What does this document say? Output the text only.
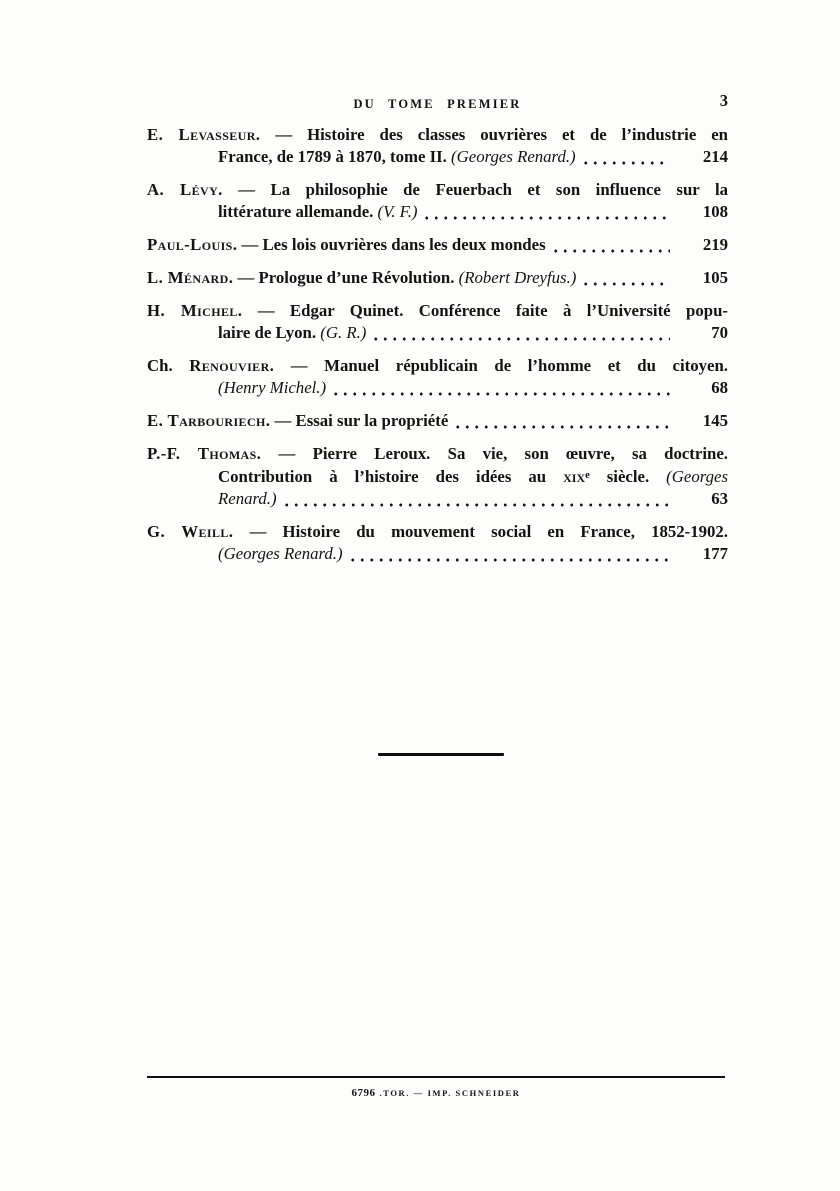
DU TOME PREMIER	3
E. Levasseur. — Histoire des classes ouvrières et de l’industrie en
France, de 1789 à 1870, tome II. (Georges Renard.)	214
A. Lévy. — La philosophie de Feuerbach et son influence sur la
littérature allemande. (V. F.)	108
Paul-Louis. — Les lois ouvrières dans les deux mondes	219
L. Ménard. — Prologue d’une Révolution. (Robert Dreyfus.)	105
H. Michel. — Edgar Quinet. Conférence faite à l’Université popu-
laire de Lyon. (G. R.)	70
Ch. Renouvier. — Manuel républicain de l’homme et du citoyen.
(Henry Michel.)	68
E. Tarbouriech. — Essai sur la propriété	145
P.-F. Thomas. — Pierre Leroux. Sa vie, son œuvre, sa doctrine.
Contribution à l’histoire des idées au xix$^e$ siècle. (Georges
Renard.)	63
G. Weill. — Histoire du mouvement social en France, 1852-1902.
(Georges Renard.)	177
6796 .TOR. — IMP. SCHNEIDER
